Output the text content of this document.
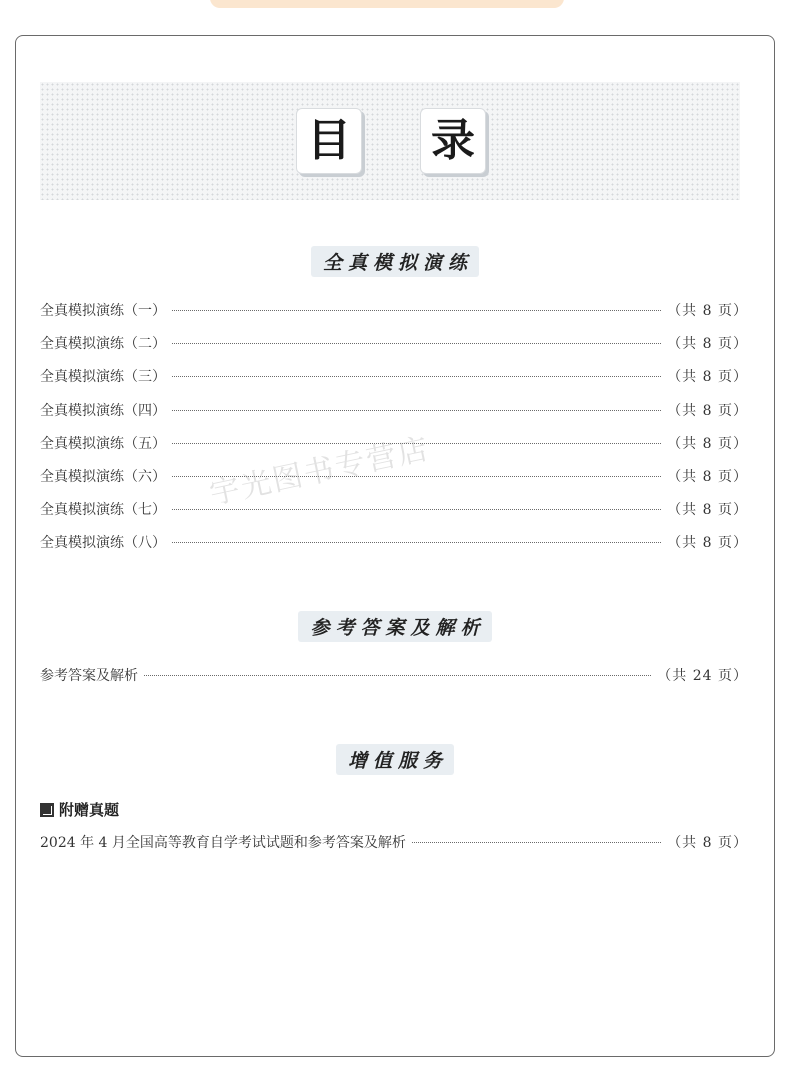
目 录
全真模拟演练
全真模拟演练（一）	（共 8 页）
全真模拟演练（二）	（共 8 页）
全真模拟演练（三）	（共 8 页）
全真模拟演练（四）	（共 8 页）
全真模拟演练（五）	（共 8 页）
全真模拟演练（六）	（共 8 页）
全真模拟演练（七）	（共 8 页）
全真模拟演练（八）	（共 8 页）
参考答案及解析
参考答案及解析	（共 24 页）
增值服务
附赠真题
2024 年 4 月全国高等教育自学考试试题和参考答案及解析	（共 8 页）
宇光图书专营店
